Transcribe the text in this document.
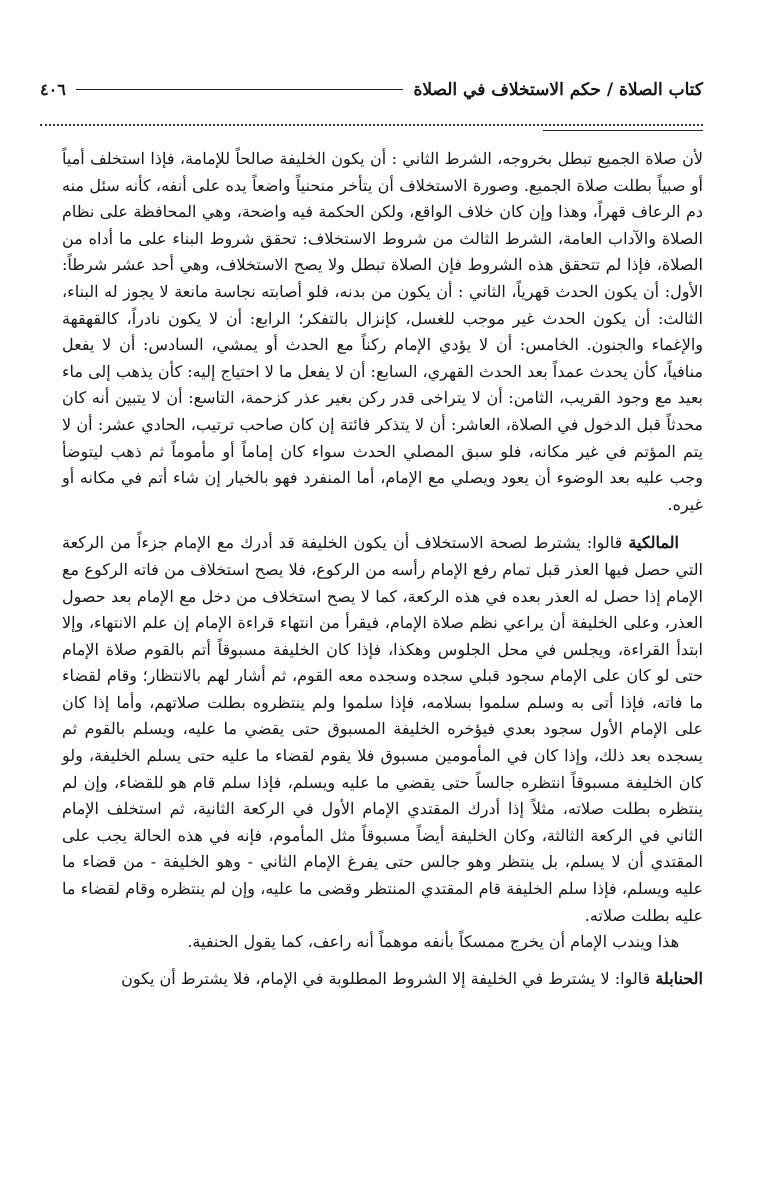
كتاب الصلاة / حكم الاستخلاف في الصلاة
٤٠٦

لأن صلاة الجميع تبطل بخروجه، الشرط الثاني : أن يكون الخليفة صالحاً للإمامة، فإذا استخلف أمياً أو صبياً بطلت صلاة الجميع. وصورة الاستخلاف أن يتأخر منحنياً واضعاً يده على أنفه، كأنه سئل منه دم الرعاف قهراً، وهذا وإن كان خلاف الواقع، ولكن الحكمة فيه واضحة، وهي المحافظة على نظام الصلاة والآداب العامة، الشرط الثالث من شروط الاستخلاف: تحقق شروط البناء على ما أداه من الصلاة، فإذا لم تتحقق هذه الشروط فإن الصلاة تبطل ولا يصح الاستخلاف، وهي أحد عشر شرطاً: الأول: أن يكون الحدث قهرياً، الثاني : أن يكون من بدنه، فلو أصابته نجاسة مانعة لا يجوز له البناء، الثالث: أن يكون الحدث غير موجب للغسل، كإنزال بالتفكر؛ الرابع: أن لا يكون نادراً، كالقهقهة والإغماء والجنون. الخامس: أن لا يؤدي الإمام ركناً مع الحدث أو يمشي، السادس: أن لا يفعل منافياً، كأن يحدث عمداً بعد الحدث القهري، السابع: أن لا يفعل ما لا احتياج إليه: كأن يذهب إلى ماء بعيد مع وجود القريب، الثامن: أن لا يتراخى قدر ركن بغير عذر كزحمة، التاسع: أن لا يتبين أنه كان محدثاً قبل الدخول في الصلاة، العاشر: أن لا يتذكر فائتة إن كان صاحب ترتيب، الحادي عشر: أن لا يتم المؤتم في غير مكانه، فلو سبق المصلي الحدث سواء كان إماماً أو مأموماً ثم ذهب ليتوضأ وجب عليه بعد الوضوء أن يعود ويصلي مع الإمام، أما المنفرد فهو بالخيار إن شاء أتم في مكانه أو غيره.

المالكية قالوا: يشترط لصحة الاستخلاف أن يكون الخليفة قد أدرك مع الإمام جزءاً من الركعة التي حصل فيها العذر قبل تمام رفع الإمام رأسه من الركوع، فلا يصح استخلاف من فاته الركوع مع الإمام إذا حصل له العذر بعده في هذه الركعة، كما لا يصح استخلاف من دخل مع الإمام بعد حصول العذر، وعلى الخليفة أن يراعي نظم صلاة الإمام، فيقرأ من انتهاء قراءة الإمام إن علم الانتهاء، وإلا ابتدأ القراءة، ويجلس في محل الجلوس وهكذا، فإذا كان الخليفة مسبوقاً أتم بالقوم صلاة الإمام حتى لو كان على الإمام سجود قبلي سجده وسجده معه القوم، ثم أشار لهم بالانتظار؛ وقام لقضاء ما فاته، فإذا أتى به وسلم سلموا بسلامه، فإذا سلموا ولم ينتظروه بطلت صلاتهم، وأما إذا كان على الإمام الأول سجود بعدي فيؤخره الخليفة المسبوق حتى يقضي ما عليه، ويسلم بالقوم ثم يسجده بعد ذلك، وإذا كان في المأمومين مسبوق فلا يقوم لقضاء ما عليه حتى يسلم الخليفة، ولو كان الخليفة مسبوقاً انتظره جالساً حتى يقضي ما عليه ويسلم، فإذا سلم قام هو للقضاء، وإن لم ينتظره بطلت صلاته، مثلاً إذا أدرك المقتدي الإمام الأول في الركعة الثانية، ثم استخلف الإمام الثاني في الركعة الثالثة، وكان الخليفة أيضاً مسبوقاً مثل المأموم، فإنه في هذه الحالة يجب على المقتدي أن لا يسلم، بل ينتظر وهو جالس حتى يفرغ الإمام الثاني - وهو الخليفة - من قضاء ما عليه ويسلم، فإذا سلم الخليفة قام المقتدي المنتظر وقضى ما عليه، وإن لم ينتظره وقام لقضاء ما عليه بطلت صلاته.

هذا ويندب الإمام أن يخرج ممسكاً بأنفه موهماً أنه راعف، كما يقول الحنفية.

الحنابلة قالوا: لا يشترط في الخليفة إلا الشروط المطلوبة في الإمام، فلا يشترط أن يكون
